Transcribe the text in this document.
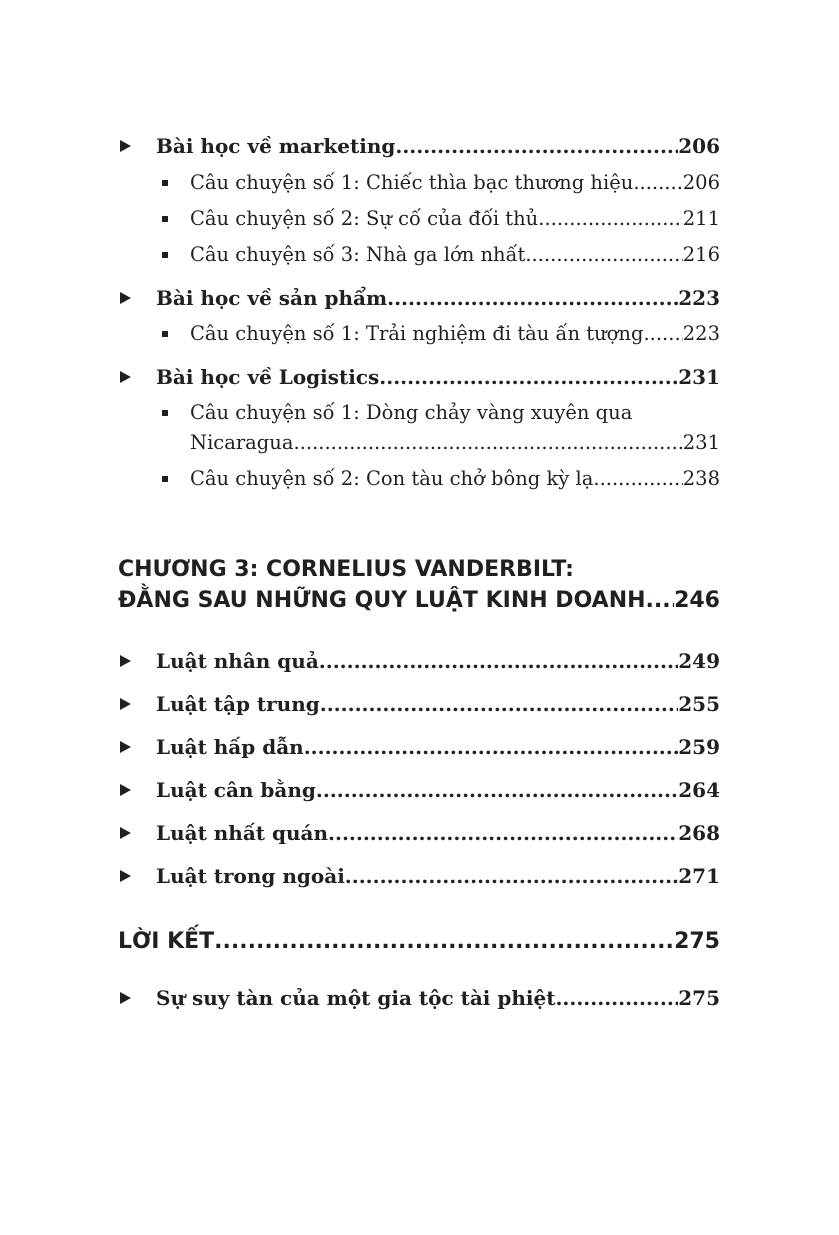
Bài học về marketing .....	206
Câu chuyện số 1: Chiếc thìa bạc thương hiệu .....	206
Câu chuyện số 2: Sự cố của đối thủ .....	211
Câu chuyện số 3: Nhà ga lớn nhất .....	216
Bài học về sản phẩm .....	223
Câu chuyện số 1: Trải nghiệm đi tàu ấn tượng ..... 223
Bài học về Logistics .....	231
Câu chuyện số 1: Dòng chảy vàng xuyên qua
Nicaragua .....	231
Câu chuyện số 2: Con tàu chở bông kỳ lạ .....	238
CHƯƠNG 3: CORNELIUS VANDERBILT:
ĐẰNG SAU NHỮNG QUY LUẬT KINH DOANH ..... 246
Luật nhân quả .....	249
Luật tập trung .....	255
Luật hấp dẫn .....	259
Luật cân bằng .....	264
Luật nhất quán .....	268
Luật trong ngoài .....	271
LỜI KẾT .....	275
Sự suy tàn của một gia tộc tài phiệt .....	275
